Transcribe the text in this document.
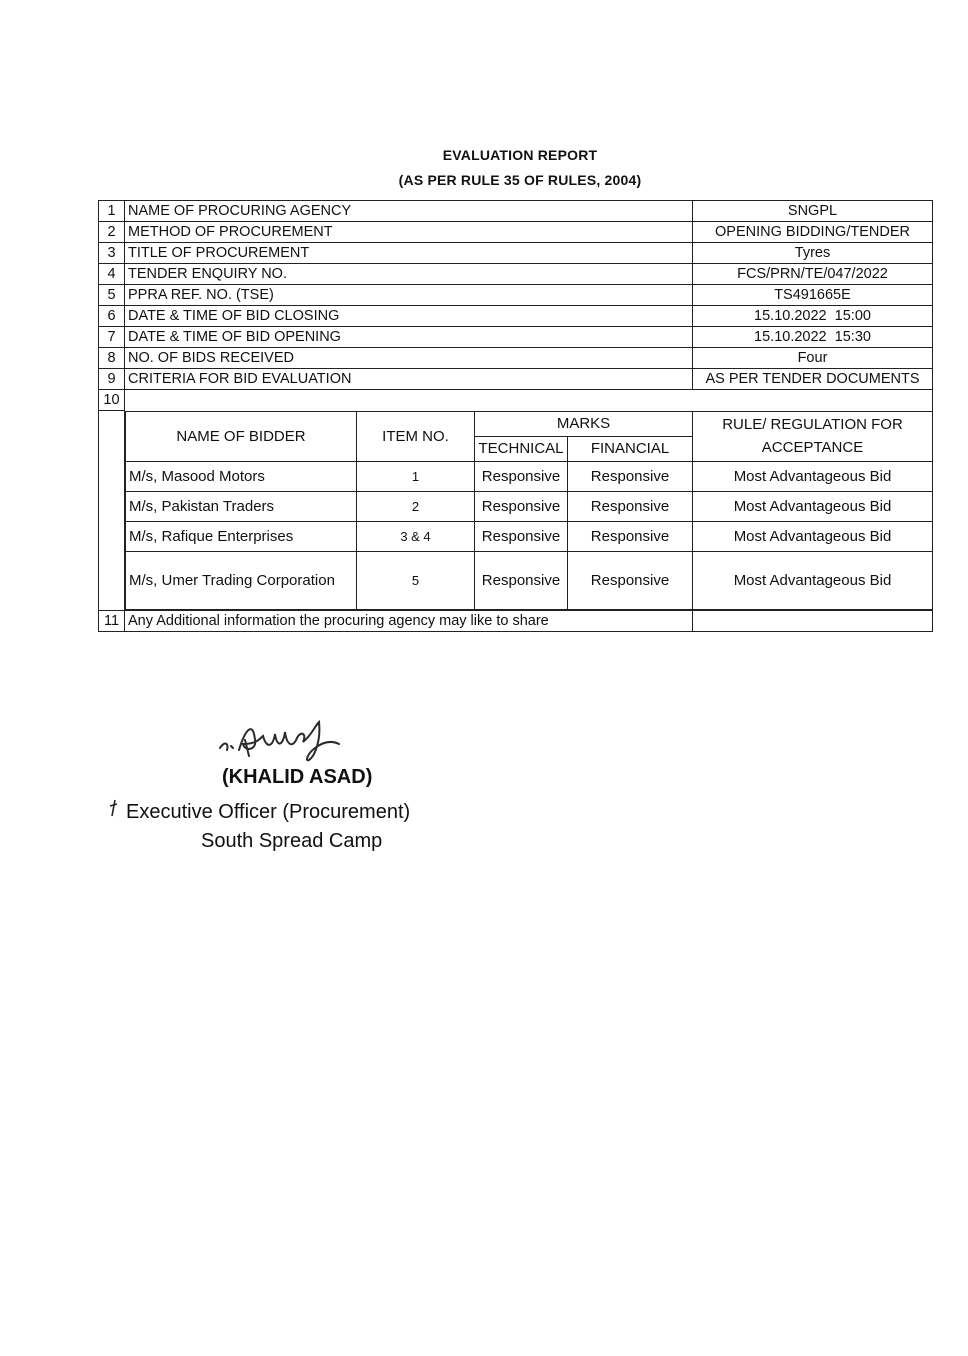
EVALUATION REPORT
(AS PER RULE 35 OF RULES, 2004)
1	NAME OF PROCURING AGENCY	SNGPL
2	METHOD OF PROCUREMENT	OPENING BIDDING/TENDER
3	TITLE OF PROCUREMENT	Tyres
4	TENDER ENQUIRY NO.	FCS/PRN/TE/047/2022
5	PPRA REF. NO. (TSE)	TS491665E
6	DATE & TIME OF BID CLOSING	15.10.2022  15:00
7	DATE & TIME OF BID OPENING	15.10.2022  15:30
8	NO. OF BIDS RECEIVED	Four
9	CRITERIA FOR BID EVALUATION	AS PER TENDER DOCUMENTS
10	

NAME OF BIDDER	ITEM NO.	MARKS	RULE/ REGULATION FOR ACCEPTANCE
TECHNICAL	FINANCIAL
M/s, Masood Motors	1	Responsive	Responsive	Most Advantageous Bid
M/s, Pakistan Traders	2	Responsive	Responsive	Most Advantageous Bid
M/s, Rafique Enterprises	3 & 4	Responsive	Responsive	Most Advantageous Bid
M/s, Umer Trading Corporation	5	Responsive	Responsive	Most Advantageous Bid

11	Any Additional information the procuring agency may like to share	
(KHALID ASAD)
Executive Officer (Procurement)
South Spread Camp
